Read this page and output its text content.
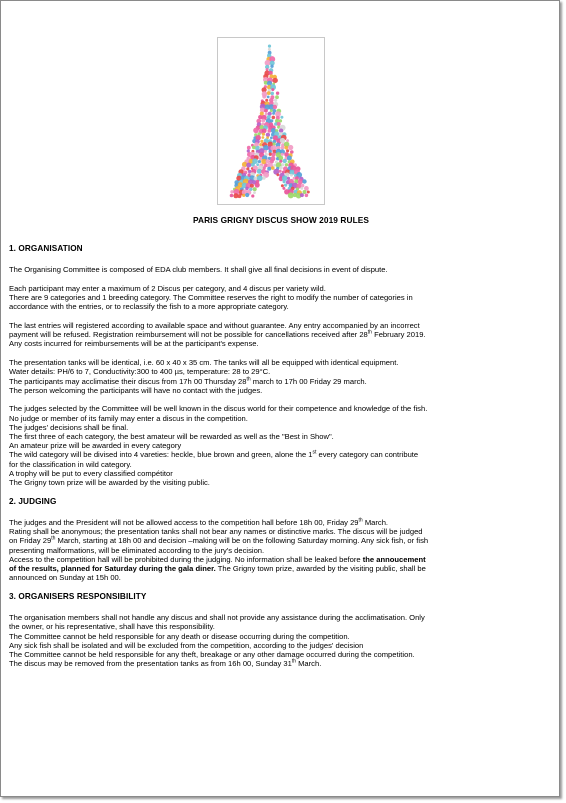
PARIS GRIGNY DISCUS SHOW 2019 RULES
1. ORGANISATION
The Organising Committee is composed of EDA club members. It shall give all final decisions in event of dispute.
Each participant may enter a maximum of 2 Discus per category, and 4 discus per variety wild.
There are 9 categories and 1 breeding category. The Committee reserves the right to modify the number of categories in
accordance with the entries, or to reclassify the fish to a more appropriate category.
The last entries will registered according to available space and without guarantee. Any entry accompanied by an incorrect
payment will be refused. Registration reimbursement will not be possible for cancellations received after 28th February 2019.
Any costs incurred for reimbursements will be at the participant's expense.
The presentation tanks will be identical, i.e. 60 x 40 x 35 cm. The tanks will all be equipped with identical equipment.
Water details: PH/6 to 7, Conductivity:300 to 400 µs, temperature: 28 to 29°C.
The participants may acclimatise their discus from 17h 00 Thursday 28th march to 17h 00 Friday 29 march.
The person welcoming the participants will have no contact with the judges.
The judges selected by the Committee will be well known in the discus world for their competence and knowledge of the fish.
No judge or member of its family may enter a discus in the competition.
The judges' decisions shall be final.
The first three of each category, the best amateur will be rewarded as well as the "Best in Show".
An amateur prize will be awarded in every category
The wild category will be divised into 4 vareties: heckle, blue brown and green, alone the 1st every category can contribute
for the classification in wild category.
A trophy will be put to every classified compétitor
The Grigny town prize will be awarded by the visiting public.
2. JUDGING
The judges and the President will not be allowed access to the competition hall before 18h 00, Friday 29th March.
Rating shall be anonymous; the presentation tanks shall not bear any names or distinctive marks. The discus will be judged
on Friday 29th March, starting at 18h 00 and decision –making will be on the following Saturday morning. Any sick fish, or fish
presenting malformations, will be eliminated according to the jury's decision.
Access to the competition hall will be prohibited during the judging. No information shall be leaked before the annoucement
of the results, planned for Saturday during the gala diner. The Grigny town prize, awarded by the visiting public, shall be
announced on Sunday at 15h 00.
3. ORGANISERS RESPONSIBILITY
The organisation members shall not handle any discus and shall not provide any assistance during the acclimatisation. Only
the owner, or his representative, shall have this responsibility.
The Committee cannot be held responsible for any death or disease occurring during the competition.
Any sick fish shall be isolated and will be excluded from the competition, according to the judges' decision
The Committee cannot be held responsible for any theft, breakage or any other damage occurred during the competition.
The discus may be removed from the presentation tanks as from 16h 00, Sunday 31th March.
